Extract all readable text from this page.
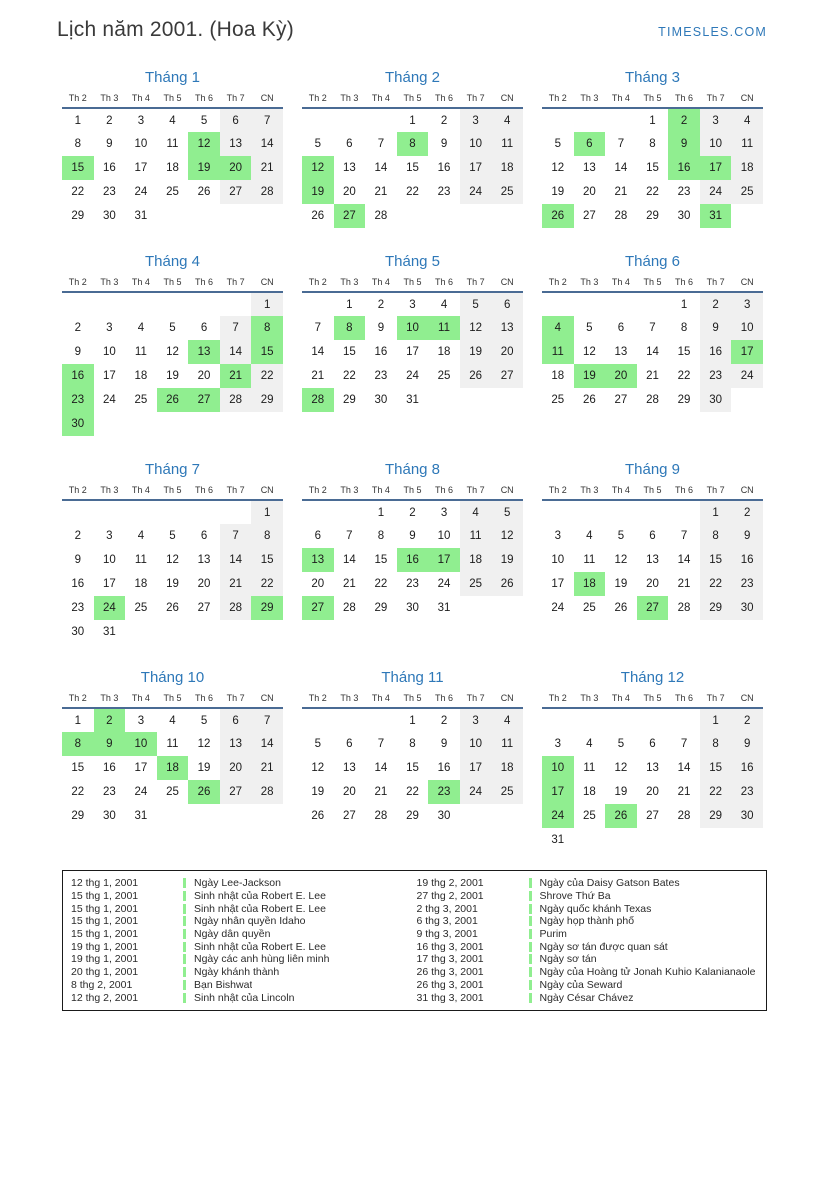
Lịch năm 2001. (Hoa Kỳ)	TIMESLES.COM
Tháng 1
Th 2	Th 3	Th 4	Th 5	Th 6	Th 7	CN
1	2	3	4	5	6	7
8	9	10	11	12	13	14
15	16	17	18	19	20	21
22	23	24	25	26	27	28
29	30	31				
Tháng 2
Th 2	Th 3	Th 4	Th 5	Th 6	Th 7	CN
			1	2	3	4
5	6	7	8	9	10	11
12	13	14	15	16	17	18
19	20	21	22	23	24	25
26	27	28				
Tháng 3
Th 2	Th 3	Th 4	Th 5	Th 6	Th 7	CN
			1	2	3	4
5	6	7	8	9	10	11
12	13	14	15	16	17	18
19	20	21	22	23	24	25
26	27	28	29	30	31	
Tháng 4
Th 2	Th 3	Th 4	Th 5	Th 6	Th 7	CN
						1
2	3	4	5	6	7	8
9	10	11	12	13	14	15
16	17	18	19	20	21	22
23	24	25	26	27	28	29
30						
Tháng 5
Th 2	Th 3	Th 4	Th 5	Th 6	Th 7	CN
	1	2	3	4	5	6
7	8	9	10	11	12	13
14	15	16	17	18	19	20
21	22	23	24	25	26	27
28	29	30	31			
Tháng 6
Th 2	Th 3	Th 4	Th 5	Th 6	Th 7	CN
				1	2	3
4	5	6	7	8	9	10
11	12	13	14	15	16	17
18	19	20	21	22	23	24
25	26	27	28	29	30	
Tháng 7
Th 2	Th 3	Th 4	Th 5	Th 6	Th 7	CN
						1
2	3	4	5	6	7	8
9	10	11	12	13	14	15
16	17	18	19	20	21	22
23	24	25	26	27	28	29
30	31					
Tháng 8
Th 2	Th 3	Th 4	Th 5	Th 6	Th 7	CN
		1	2	3	4	5
6	7	8	9	10	11	12
13	14	15	16	17	18	19
20	21	22	23	24	25	26
27	28	29	30	31		
Tháng 9
Th 2	Th 3	Th 4	Th 5	Th 6	Th 7	CN
					1	2
3	4	5	6	7	8	9
10	11	12	13	14	15	16
17	18	19	20	21	22	23
24	25	26	27	28	29	30
Tháng 10
Th 2	Th 3	Th 4	Th 5	Th 6	Th 7	CN
1	2	3	4	5	6	7
8	9	10	11	12	13	14
15	16	17	18	19	20	21
22	23	24	25	26	27	28
29	30	31				
Tháng 11
Th 2	Th 3	Th 4	Th 5	Th 6	Th 7	CN
			1	2	3	4
5	6	7	8	9	10	11
12	13	14	15	16	17	18
19	20	21	22	23	24	25
26	27	28	29	30		
Tháng 12
Th 2	Th 3	Th 4	Th 5	Th 6	Th 7	CN
					1	2
3	4	5	6	7	8	9
10	11	12	13	14	15	16
17	18	19	20	21	22	23
24	25	26	27	28	29	30
31						
12 thg 1, 2001	Ngày Lee-Jackson
15 thg 1, 2001	Sinh nhật của Robert E. Lee
15 thg 1, 2001	Sinh nhật của Robert E. Lee
15 thg 1, 2001	Ngày nhân quyền Idaho
15 thg 1, 2001	Ngày dân quyền
19 thg 1, 2001	Sinh nhật của Robert E. Lee
19 thg 1, 2001	Ngày các anh hùng liên minh
20 thg 1, 2001	Ngày khánh thành
8 thg 2, 2001	Bạn Bishwat
12 thg 2, 2001	Sinh nhật của Lincoln
19 thg 2, 2001	Ngày của Daisy Gatson Bates
27 thg 2, 2001	Shrove Thứ Ba
2 thg 3, 2001	Ngày quốc khánh Texas
6 thg 3, 2001	Ngày họp thành phố
9 thg 3, 2001	Purim
16 thg 3, 2001	Ngày sơ tán được quan sát
17 thg 3, 2001	Ngày sơ tán
26 thg 3, 2001	Ngày của Hoàng tử Jonah Kuhio Kalanianaole
26 thg 3, 2001	Ngày của Seward
31 thg 3, 2001	Ngày César Chávez
